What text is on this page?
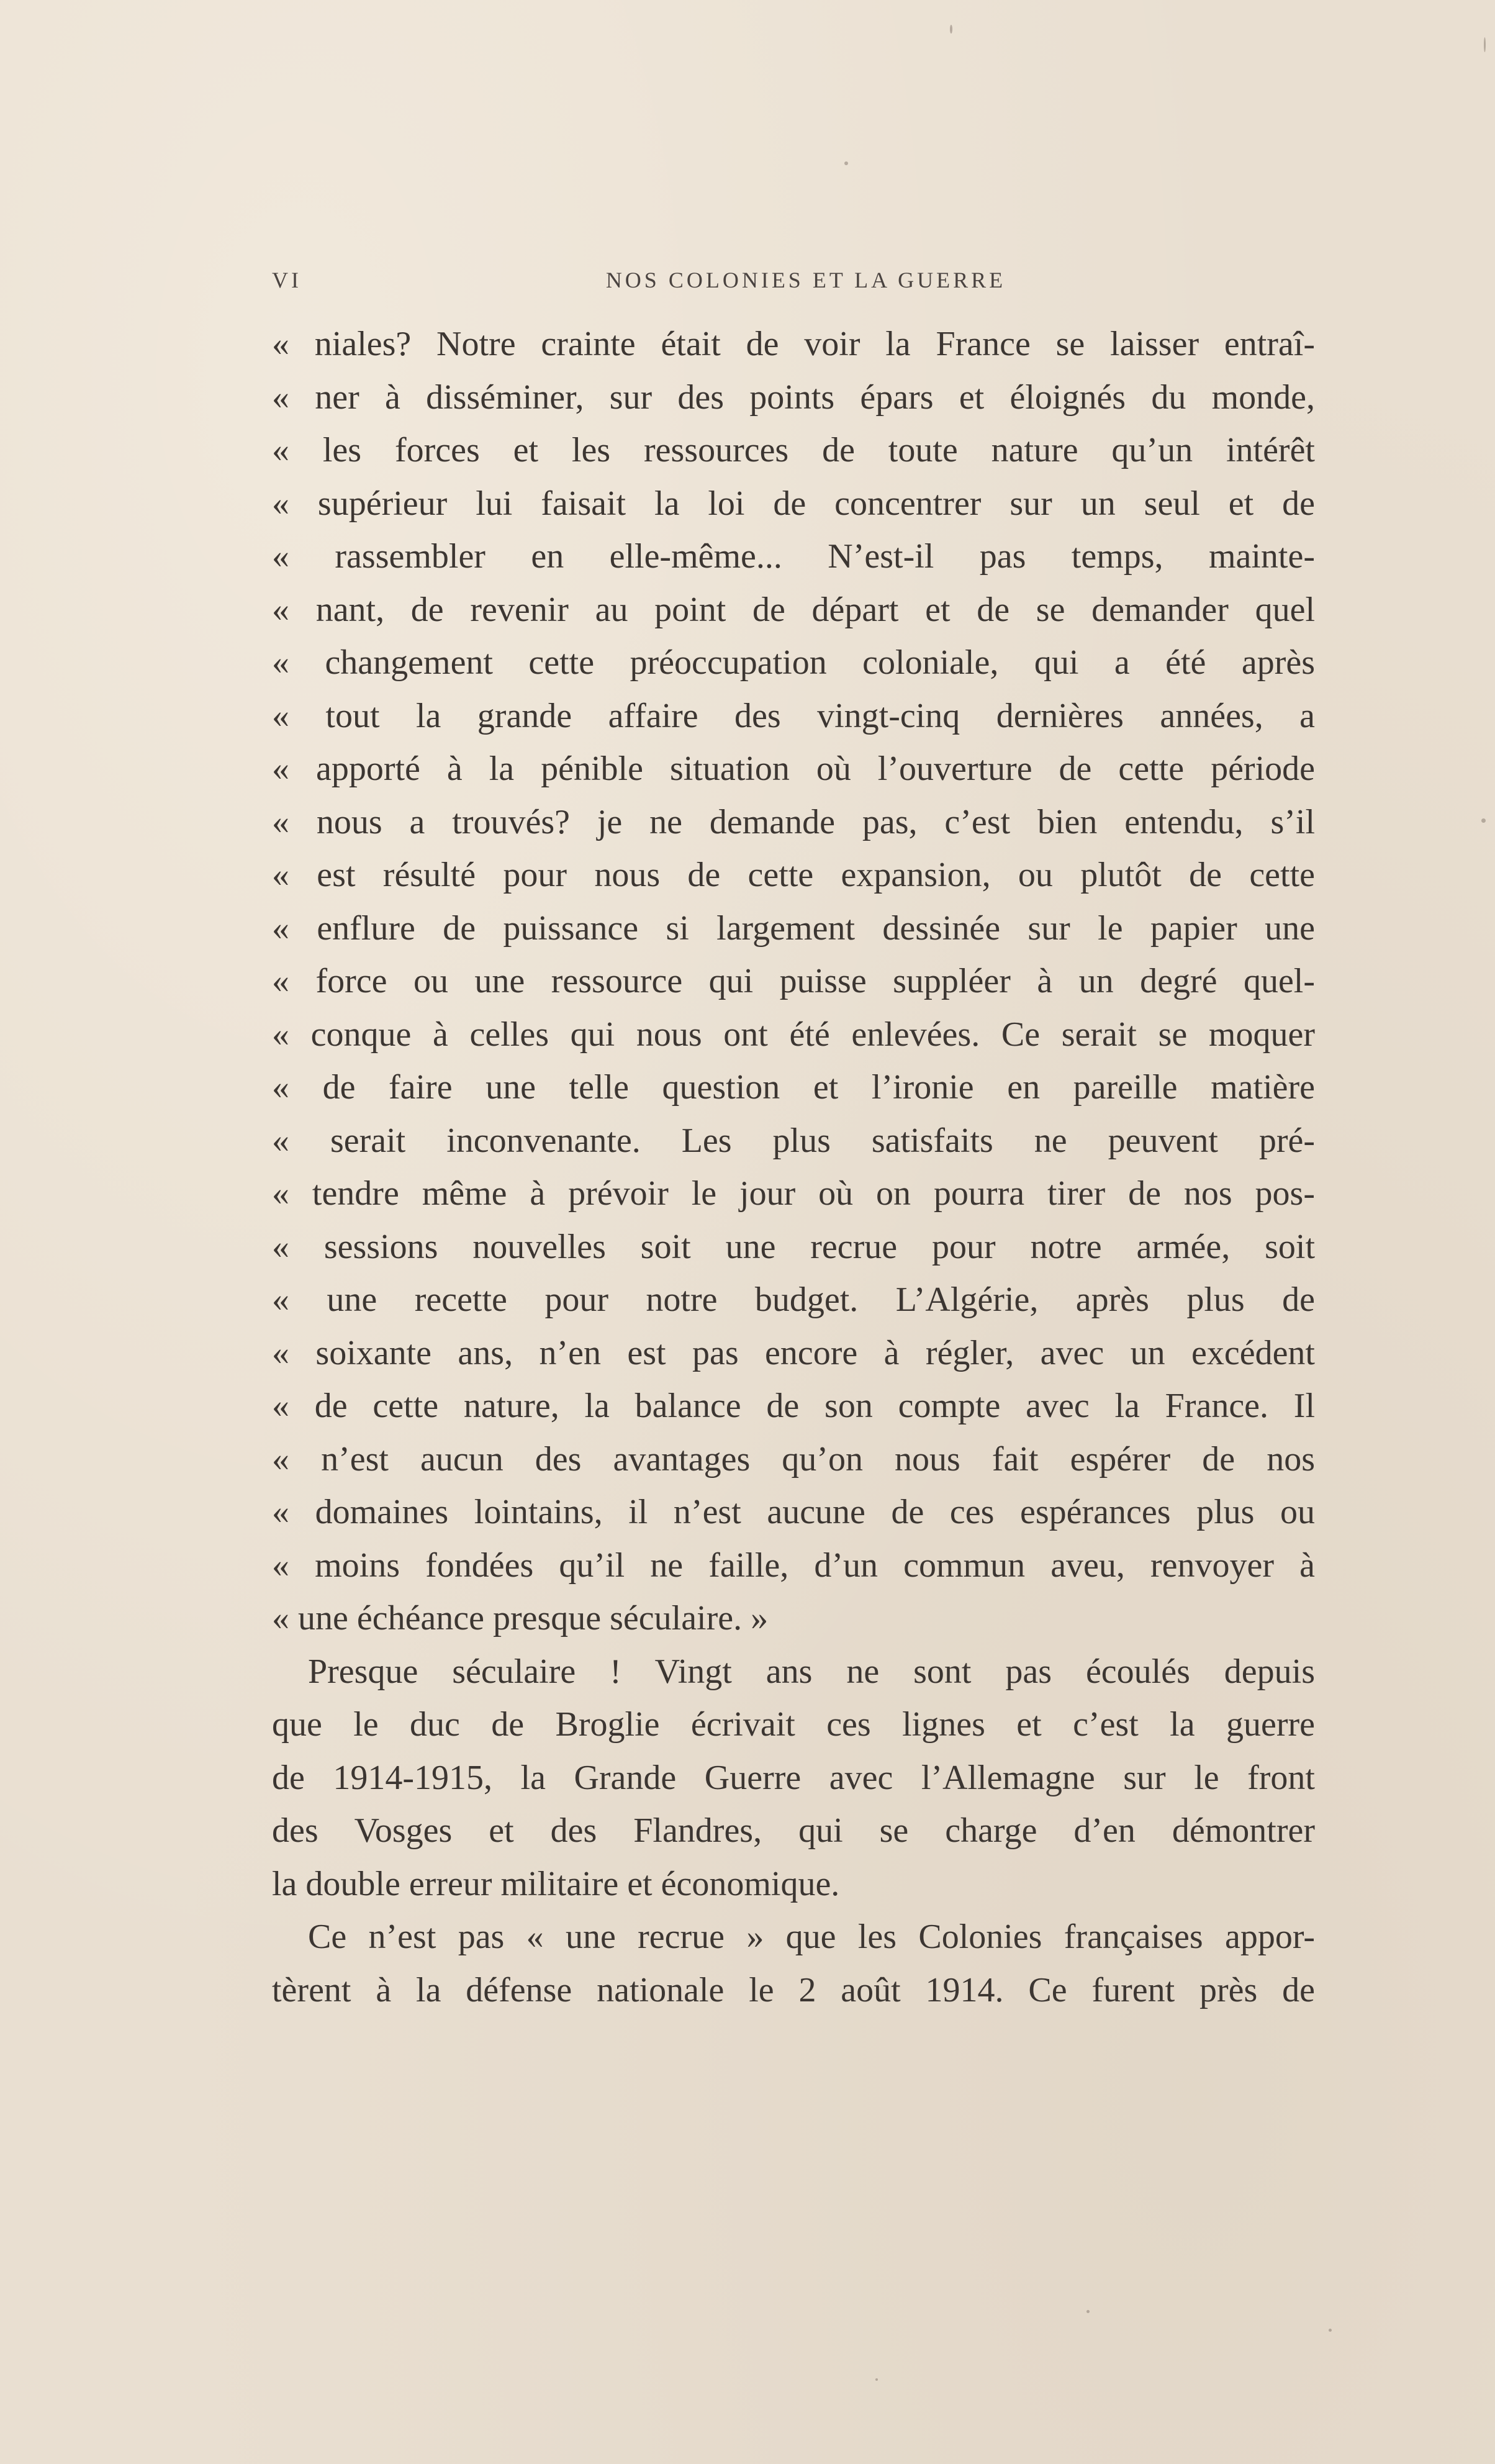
VI	NOS COLONIES ET LA GUERRE
« niales? Notre crainte était de voir la France se laisser entraî-
« ner à disséminer, sur des points épars et éloignés du monde,
« les forces et les ressources de toute nature qu’un intérêt
« supérieur lui faisait la loi de concentrer sur un seul et de
« rassembler en elle-même... N’est-il pas temps, mainte-
« nant, de revenir au point de départ et de se demander quel
« changement cette préoccupation coloniale, qui a été après
« tout la grande affaire des vingt-cinq dernières années, a
« apporté à la pénible situation où l’ouverture de cette période
« nous a trouvés? je ne demande pas, c’est bien entendu, s’il
« est résulté pour nous de cette expansion, ou plutôt de cette
« enflure de puissance si largement dessinée sur le papier une
« force ou une ressource qui puisse suppléer à un degré quel-
« conque à celles qui nous ont été enlevées. Ce serait se moquer
« de faire une telle question et l’ironie en pareille matière
« serait inconvenante. Les plus satisfaits ne peuvent pré-
« tendre même à prévoir le jour où on pourra tirer de nos pos-
« sessions nouvelles soit une recrue pour notre armée, soit
« une recette pour notre budget. L’Algérie, après plus de
« soixante ans, n’en est pas encore à régler, avec un excédent
« de cette nature, la balance de son compte avec la France. Il
« n’est aucun des avantages qu’on nous fait espérer de nos
« domaines lointains, il n’est aucune de ces espérances plus ou
« moins fondées qu’il ne faille, d’un commun aveu, renvoyer à
« une échéance presque séculaire. »
Presque séculaire ! Vingt ans ne sont pas écoulés depuis
que le duc de Broglie écrivait ces lignes et c’est la guerre
de 1914-1915, la Grande Guerre avec l’Allemagne sur le front
des Vosges et des Flandres, qui se charge d’en démontrer
la double erreur militaire et économique.
Ce n’est pas « une recrue » que les Colonies françaises appor-
tèrent à la défense nationale le 2 août 1914. Ce furent près de
